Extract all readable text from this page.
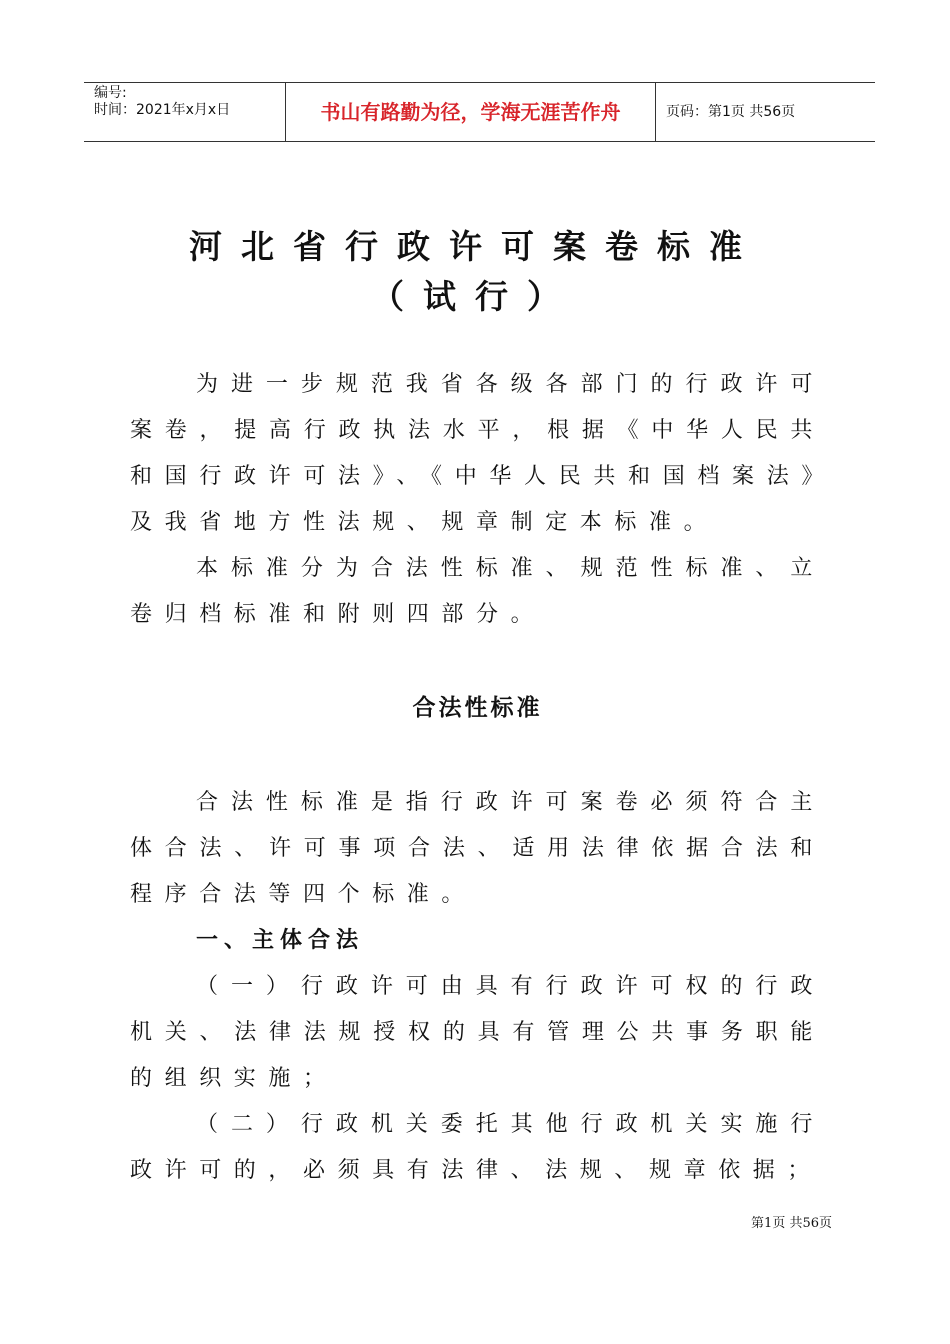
编号:
时间：2021年x月x日	书山有路勤为径，学海无涯苦作舟	页码：第1页 共56页
河北省行政许可案卷标准（试行）

为进一步规范我省各级各部门的行政许可案卷，提高行政执法水平，根据《中华人民共和国行政许可法》、《中华人民共和国档案法》及我省地方性法规、规章制定本标准。

本标准分为合法性标准、规范性标准、立卷归档标准和附则四部分。

合法性标准

合法性标准是指行政许可案卷必须符合主体合法、许可事项合法、适用法律依据合法和程序合法等四个标准。

一、主体合法

（一）行政许可由具有行政许可权的行政机关、法律法规授权的具有管理公共事务职能的组织实施；

（二）行政机关委托其他行政机关实施行政许可的，必须具有法律、法规、规章依据；

第1页 共56页
